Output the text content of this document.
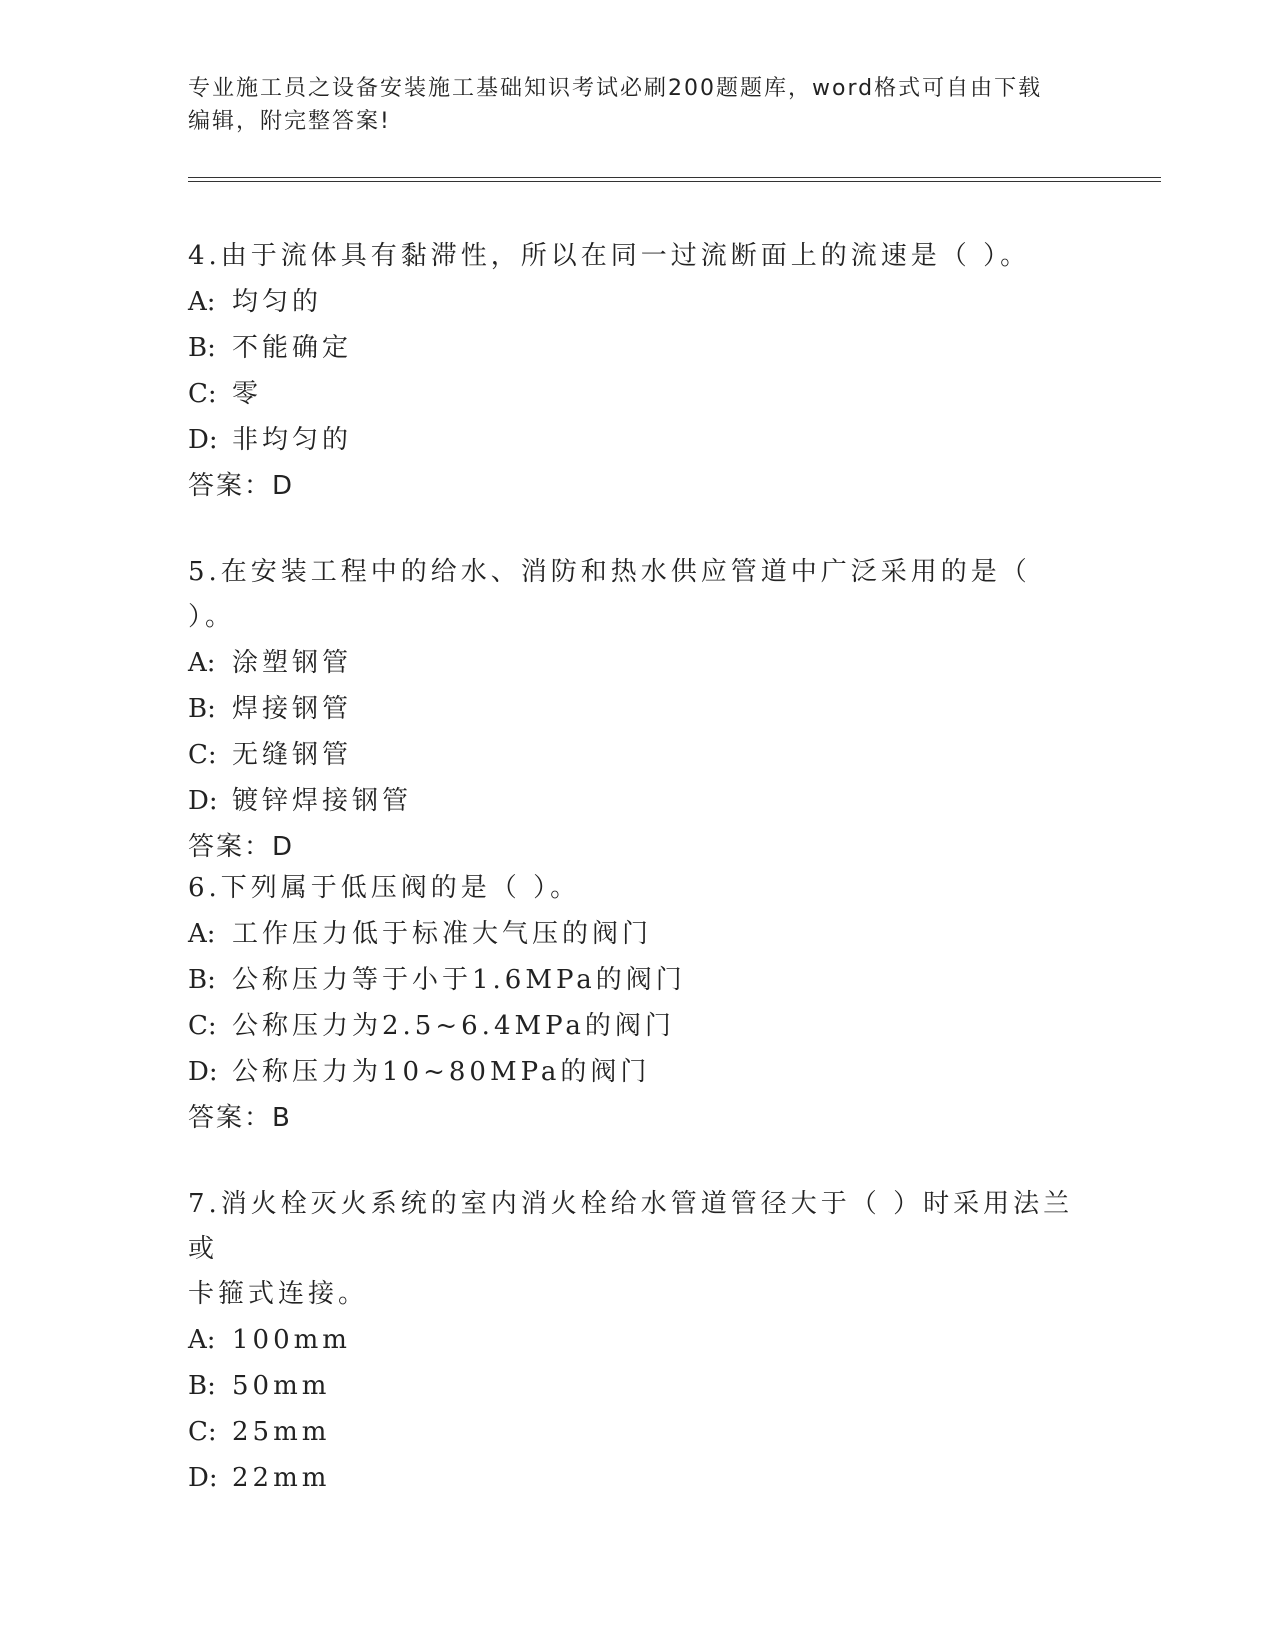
专业施工员之设备安装施工基础知识考试必刷200题题库，word格式可自由下载
编辑，附完整答案!

4.由于流体具有黏滞性，所以在同一过流断面上的流速是（ ）。

A: 均匀的

B: 不能确定

C: 零

D: 非均匀的

答案：D

5.在安装工程中的给水、消防和热水供应管道中广泛采用的是（ ）。

A: 涂塑钢管

B: 焊接钢管

C: 无缝钢管

D: 镀锌焊接钢管

答案：D

6.下列属于低压阀的是（ ）。

A: 工作压力低于标准大气压的阀门

B: 公称压力等于小于1.6MPa的阀门

C: 公称压力为2.5~6.4MPa的阀门

D: 公称压力为10~80MPa的阀门

答案：B

7.消火栓灭火系统的室内消火栓给水管道管径大于（ ）时采用法兰或

卡箍式连接。

A: 100mm

B: 50mm

C: 25mm

D: 22mm
